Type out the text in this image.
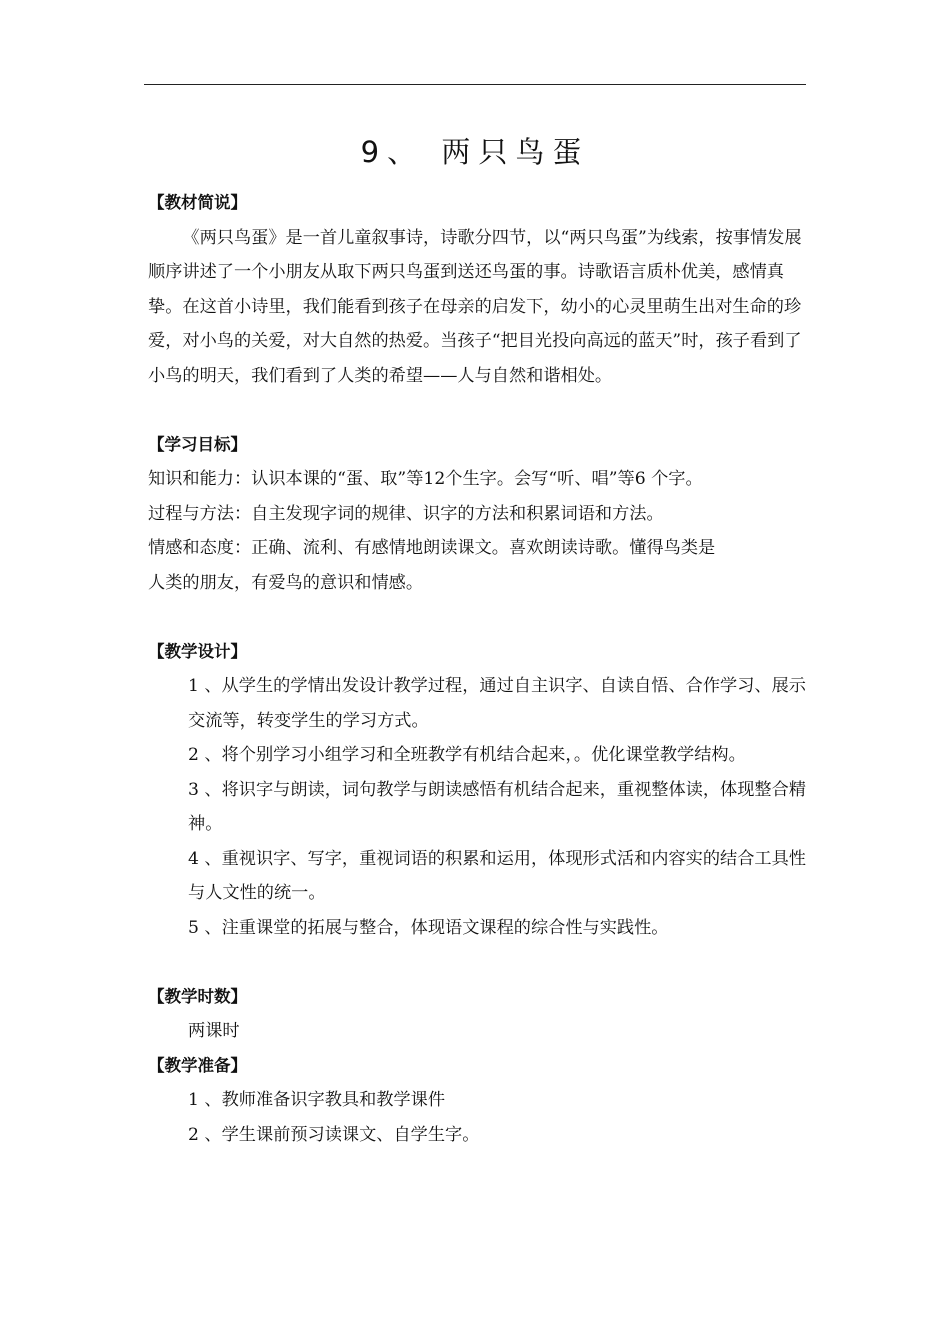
9、 两只鸟蛋
【教材简说】

《两只鸟蛋》是一首儿童叙事诗，诗歌分四节，以“两只鸟蛋”为线索，按事情发展顺序讲述了一个小朋友从取下两只鸟蛋到送还鸟蛋的事。诗歌语言质朴优美，感情真挚。在这首小诗里，我们能看到孩子在母亲的启发下，幼小的心灵里萌生出对生命的珍爱，对小鸟的关爱，对大自然的热爱。当孩子“把目光投向高远的蓝天”时，孩子看到了小鸟的明天，我们看到了人类的希望——人与自然和谐相处。

【学习目标】
知识和能力：认识本课的“蛋、取”等12个生字。会写“听、唱”等6 个字。
过程与方法：自主发现字词的规律、识字的方法和积累词语和方法。
情感和态度：正确、流利、有感情地朗读课文。喜欢朗读诗歌。懂得鸟类是
人类的朋友，有爱鸟的意识和情感。
【教学设计】
1 、从学生的学情出发设计教学过程，通过自主识字、自读自悟、合作学习、展示交流等，转变学生的学习方式。
2 、将个别学习小组学习和全班教学有机结合起来，。优化课堂教学结构。
3 、将识字与朗读，词句教学与朗读感悟有机结合起来，重视整体读，体现整合精神。
4 、重视识字、写字，重视词语的积累和运用，体现形式活和内容实的结合工具性与人文性的统一。
5 、注重课堂的拓展与整合，体现语文课程的综合性与实践性。
【教学时数】
两课时
【教学准备】
1 、教师准备识字教具和教学课件
2 、学生课前预习读课文、自学生字。
